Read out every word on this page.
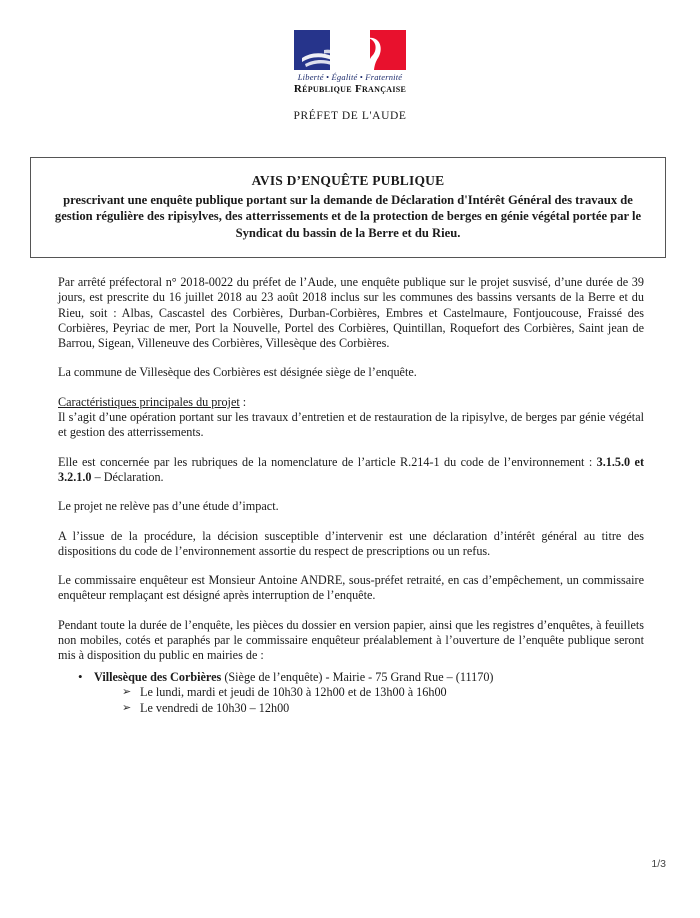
Liberté • Égalité • Fraternité
République Française
PRÉFET DE L'AUDE
AVIS D’ENQUÊTE PUBLIQUE
prescrivant une enquête publique portant sur la demande de Déclaration d'Intérêt Général des travaux de gestion régulière des ripisylves, des atterrissements et de la protection de berges en génie végétal portée par le Syndicat du bassin de la Berre et du Rieu.

Par arrêté préfectoral n° 2018-0022 du préfet de l’Aude, une enquête publique sur le projet susvisé, d’une durée de 39 jours, est prescrite du 16 juillet 2018 au 23 août 2018 inclus sur les communes des bassins versants de la Berre et du Rieu, soit : Albas, Cascastel des Corbières, Durban-Corbières, Embres et Castelmaure, Fontjoucouse, Fraissé des Corbières, Peyriac de mer, Port la Nouvelle, Portel des Corbières, Quintillan, Roquefort des Corbières, Saint jean de Barrou, Sigean, Villeneuve des Corbières, Villesèque des Corbières.

La commune de Villesèque des Corbières est désignée siège de l’enquête.

Caractéristiques principales du projet :

Il s’agit d’une opération portant sur les travaux d’entretien et de restauration de la ripisylve, de berges par génie végétal et gestion des atterrissements.

Elle est concernée par les rubriques de la nomenclature de l’article R.214-1 du code de l’environnement : 3.1.5.0 et 3.2.1.0 – Déclaration.

Le projet ne relève pas d’une étude d’impact.

A l’issue de la procédure, la décision susceptible d’intervenir est une déclaration d’intérêt général au titre des dispositions du code de l’environnement assortie du respect de prescriptions ou un refus.

Le commissaire enquêteur est Monsieur Antoine ANDRE, sous-préfet retraité, en cas d’empêchement, un commissaire enquêteur remplaçant est désigné après interruption de l’enquête.

Pendant toute la durée de l’enquête, les pièces du dossier en version papier, ainsi que les registres d’enquêtes, à feuillets non mobiles, cotés et paraphés par le commissaire enquêteur préalablement à l’ouverture de l’enquête publique seront mis à disposition du public en mairies de :

• Villesèque des Corbières (Siège de l’enquête) - Mairie - 75 Grand Rue – (11170)
➢ Le lundi, mardi et jeudi de 10h30 à 12h00 et de 13h00 à 16h00
➢ Le vendredi de 10h30 – 12h00
1/3
